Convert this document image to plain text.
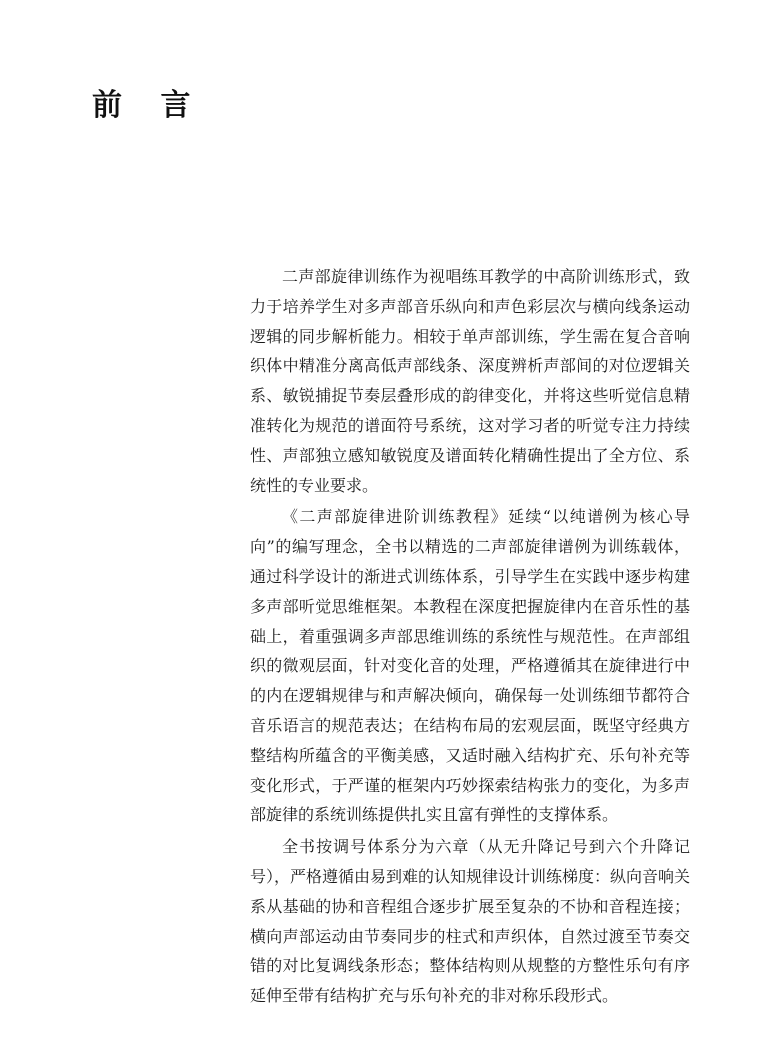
前 言

二声部旋律训练作为视唱练耳教学的中高阶训练形式，致力于培养学生对多声部音乐纵向和声色彩层次与横向线条运动逻辑的同步解析能力。相较于单声部训练，学生需在复合音响织体中精准分离高低声部线条、深度辨析声部间的对位逻辑关系、敏锐捕捉节奏层叠形成的韵律变化，并将这些听觉信息精准转化为规范的谱面符号系统，这对学习者的听觉专注力持续性、声部独立感知敏锐度及谱面转化精确性提出了全方位、系统性的专业要求。

《二声部旋律进阶训练教程》延续“以纯谱例为核心导向”的编写理念，全书以精选的二声部旋律谱例为训练载体，通过科学设计的渐进式训练体系，引导学生在实践中逐步构建多声部听觉思维框架。本教程在深度把握旋律内在音乐性的基础上，着重强调多声部思维训练的系统性与规范性。在声部组织的微观层面，针对变化音的处理，严格遵循其在旋律进行中的内在逻辑规律与和声解决倾向，确保每一处训练细节都符合音乐语言的规范表达；在结构布局的宏观层面，既坚守经典方整结构所蕴含的平衡美感，又适时融入结构扩充、乐句补充等变化形式，于严谨的框架内巧妙探索结构张力的变化，为多声部旋律的系统训练提供扎实且富有弹性的支撑体系。

全书按调号体系分为六章（从无升降记号到六个升降记号），严格遵循由易到难的认知规律设计训练梯度：纵向音响关系从基础的协和音程组合逐步扩展至复杂的不协和音程连接；横向声部运动由节奏同步的柱式和声织体，自然过渡至节奏交错的对比复调线条形态；整体结构则从规整的方整性乐句有序延伸至带有结构扩充与乐句补充的非对称乐段形式。
